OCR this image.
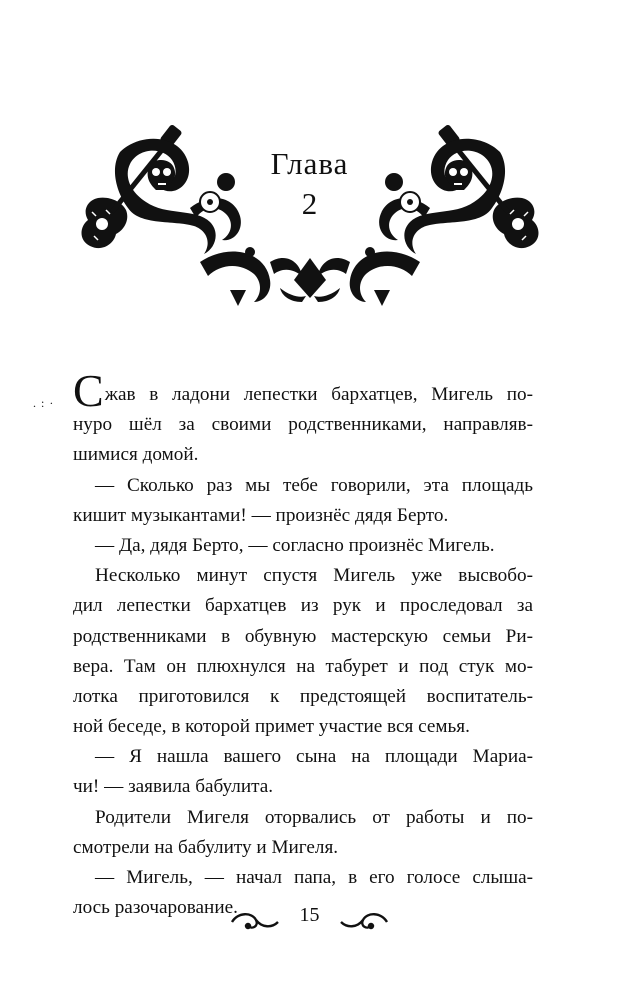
Глава
2
. : · Сжав в ладони лепестки бархатцев, Мигель по-
нуро шёл за своими родственниками, направляв-
шимися домой.
— Сколько раз мы тебе говорили, эта площадь
кишит музыкантами! — произнёс дядя Берто.
— Да, дядя Берто, — согласно произнёс Мигель.
Несколько минут спустя Мигель уже высвобо-
дил лепестки бархатцев из рук и проследовал за
родственниками в обувную мастерскую семьи Ри-
вера. Там он плюхнулся на табурет и под стук мо-
лотка приготовился к предстоящей воспитатель-
ной беседе, в которой примет участие вся семья.
— Я нашла вашего сына на площади Мариа-
чи! — заявила бабулита.
Родители Мигеля оторвались от работы и по-
смотрели на бабулиту и Мигеля.
— Мигель, — начал папа, в его голосе слыша-
лось разочарование.	15
